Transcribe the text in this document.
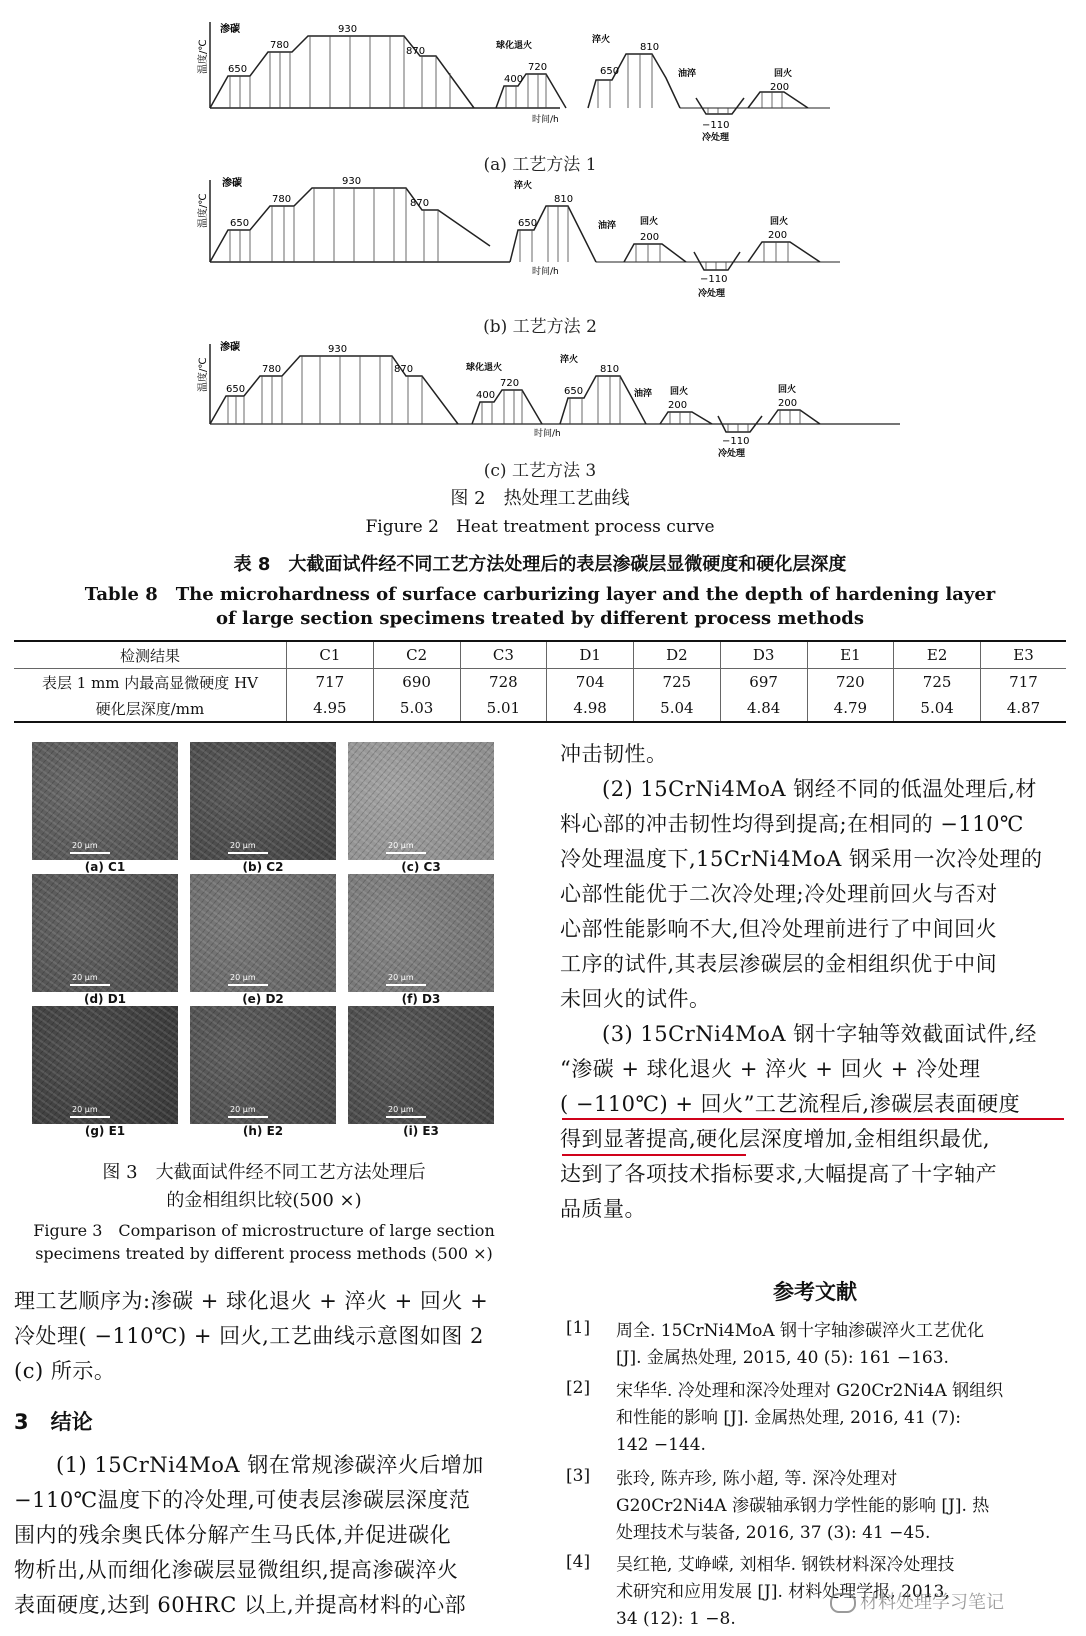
温度/℃
渗碳
650
780
930
870	球化退火
400
720
淬火
650
810
油淬	回火
200
−110
冷处理
时间/h
(a) 工艺方法 1
温度/℃
渗碳
650
780
930
870
淬火
650
810
油淬	回火
200
−110
冷处理
回火
200
时间/h
(b) 工艺方法 2
温度/℃
渗碳
650
780
930
870	球化退火
400
720
淬火
650
810
油淬 回火
200
−110
冷处理
回火
200
时间/h
(c) 工艺方法 3
图 2　热处理工艺曲线
Figure 2　Heat treatment process curve
表 8　大截面试件经不同工艺方法处理后的表层渗碳层显微硬度和硬化层深度
Table 8　The microhardness of surface carburizing layer and the depth of hardening layer
of large section specimens treated by different process methods
检测结果	C1	C2	C3	D1	D2	D3	E1	E2	E3
表层 1 mm 内最高显微硬度 HV	717	690	728	704	725	697	720	725	717
硬化层深度/mm	4.95	5.03	5.01	4.98	5.04	4.84	4.79	5.04	4.87
20 μm
(a) C1
20 μm
(b) C2
20 μm
(c) C3
20 μm
(d) D1
20 μm
(e) D2
20 μm
(f) D3
20 μm
(g) E1
20 μm
(h) E2
20 μm
(i) E3
图 3　大截面试件经不同工艺方法处理后
的金相组织比较(500 ×)
Figure 3　Comparison of microstructure of large section
specimens treated by different process methods (500 ×)
理工艺顺序为:渗碳 + 球化退火 + 淬火 + 回火 +
冷处理( −110℃) + 回火,工艺曲线示意图如图 2
(c) 所示。
3 结论
(1) 15CrNi4MoA 钢在常规渗碳淬火后增加
−110℃温度下的冷处理,可使表层渗碳层深度范
围内的残余奥氏体分解产生马氏体,并促进碳化
物析出,从而细化渗碳层显微组织,提高渗碳淬火
表面硬度,达到 60HRC 以上,并提高材料的心部
冲击韧性。
(2) 15CrNi4MoA 钢经不同的低温处理后,材
料心部的冲击韧性均得到提高;在相同的 −110℃
冷处理温度下,15CrNi4MoA 钢采用一次冷处理的
心部性能优于二次冷处理;冷处理前回火与否对
心部性能影响不大,但冷处理前进行了中间回火
工序的试件,其表层渗碳层的金相组织优于中间
未回火的试件。
(3) 15CrNi4MoA 钢十字轴等效截面试件,经
“渗碳 + 球化退火 + 淬火 + 回火 + 冷处理
( −110℃) + 回火”工艺流程后,渗碳层表面硬度
得到显著提高,硬化层深度增加,金相组织最优,
达到了各项技术指标要求,大幅提高了十字轴产
品质量。
参考文献
[1] 周全. 15CrNi4MoA 钢十字轴渗碳淬火工艺优化
[J]. 金属热处理, 2015, 40 (5): 161 −163.
[2] 宋华华. 冷处理和深冷处理对 G20Cr2Ni4A 钢组织
和性能的影响 [J]. 金属热处理, 2016, 41 (7):
142 −144.
[3] 张玲, 陈卉珍, 陈小超, 等. 深冷处理对
G20Cr2Ni4A 渗碳轴承钢力学性能的影响 [J]. 热
处理技术与装备, 2016, 37 (3): 41 −45.
[4] 吴红艳, 艾峥嵘, 刘相华. 钢铁材料深冷处理技
术研究和应用发展 [J]. 材料处理学报, 2013,
34 (12): 1 −8.
材料处理学习笔记
